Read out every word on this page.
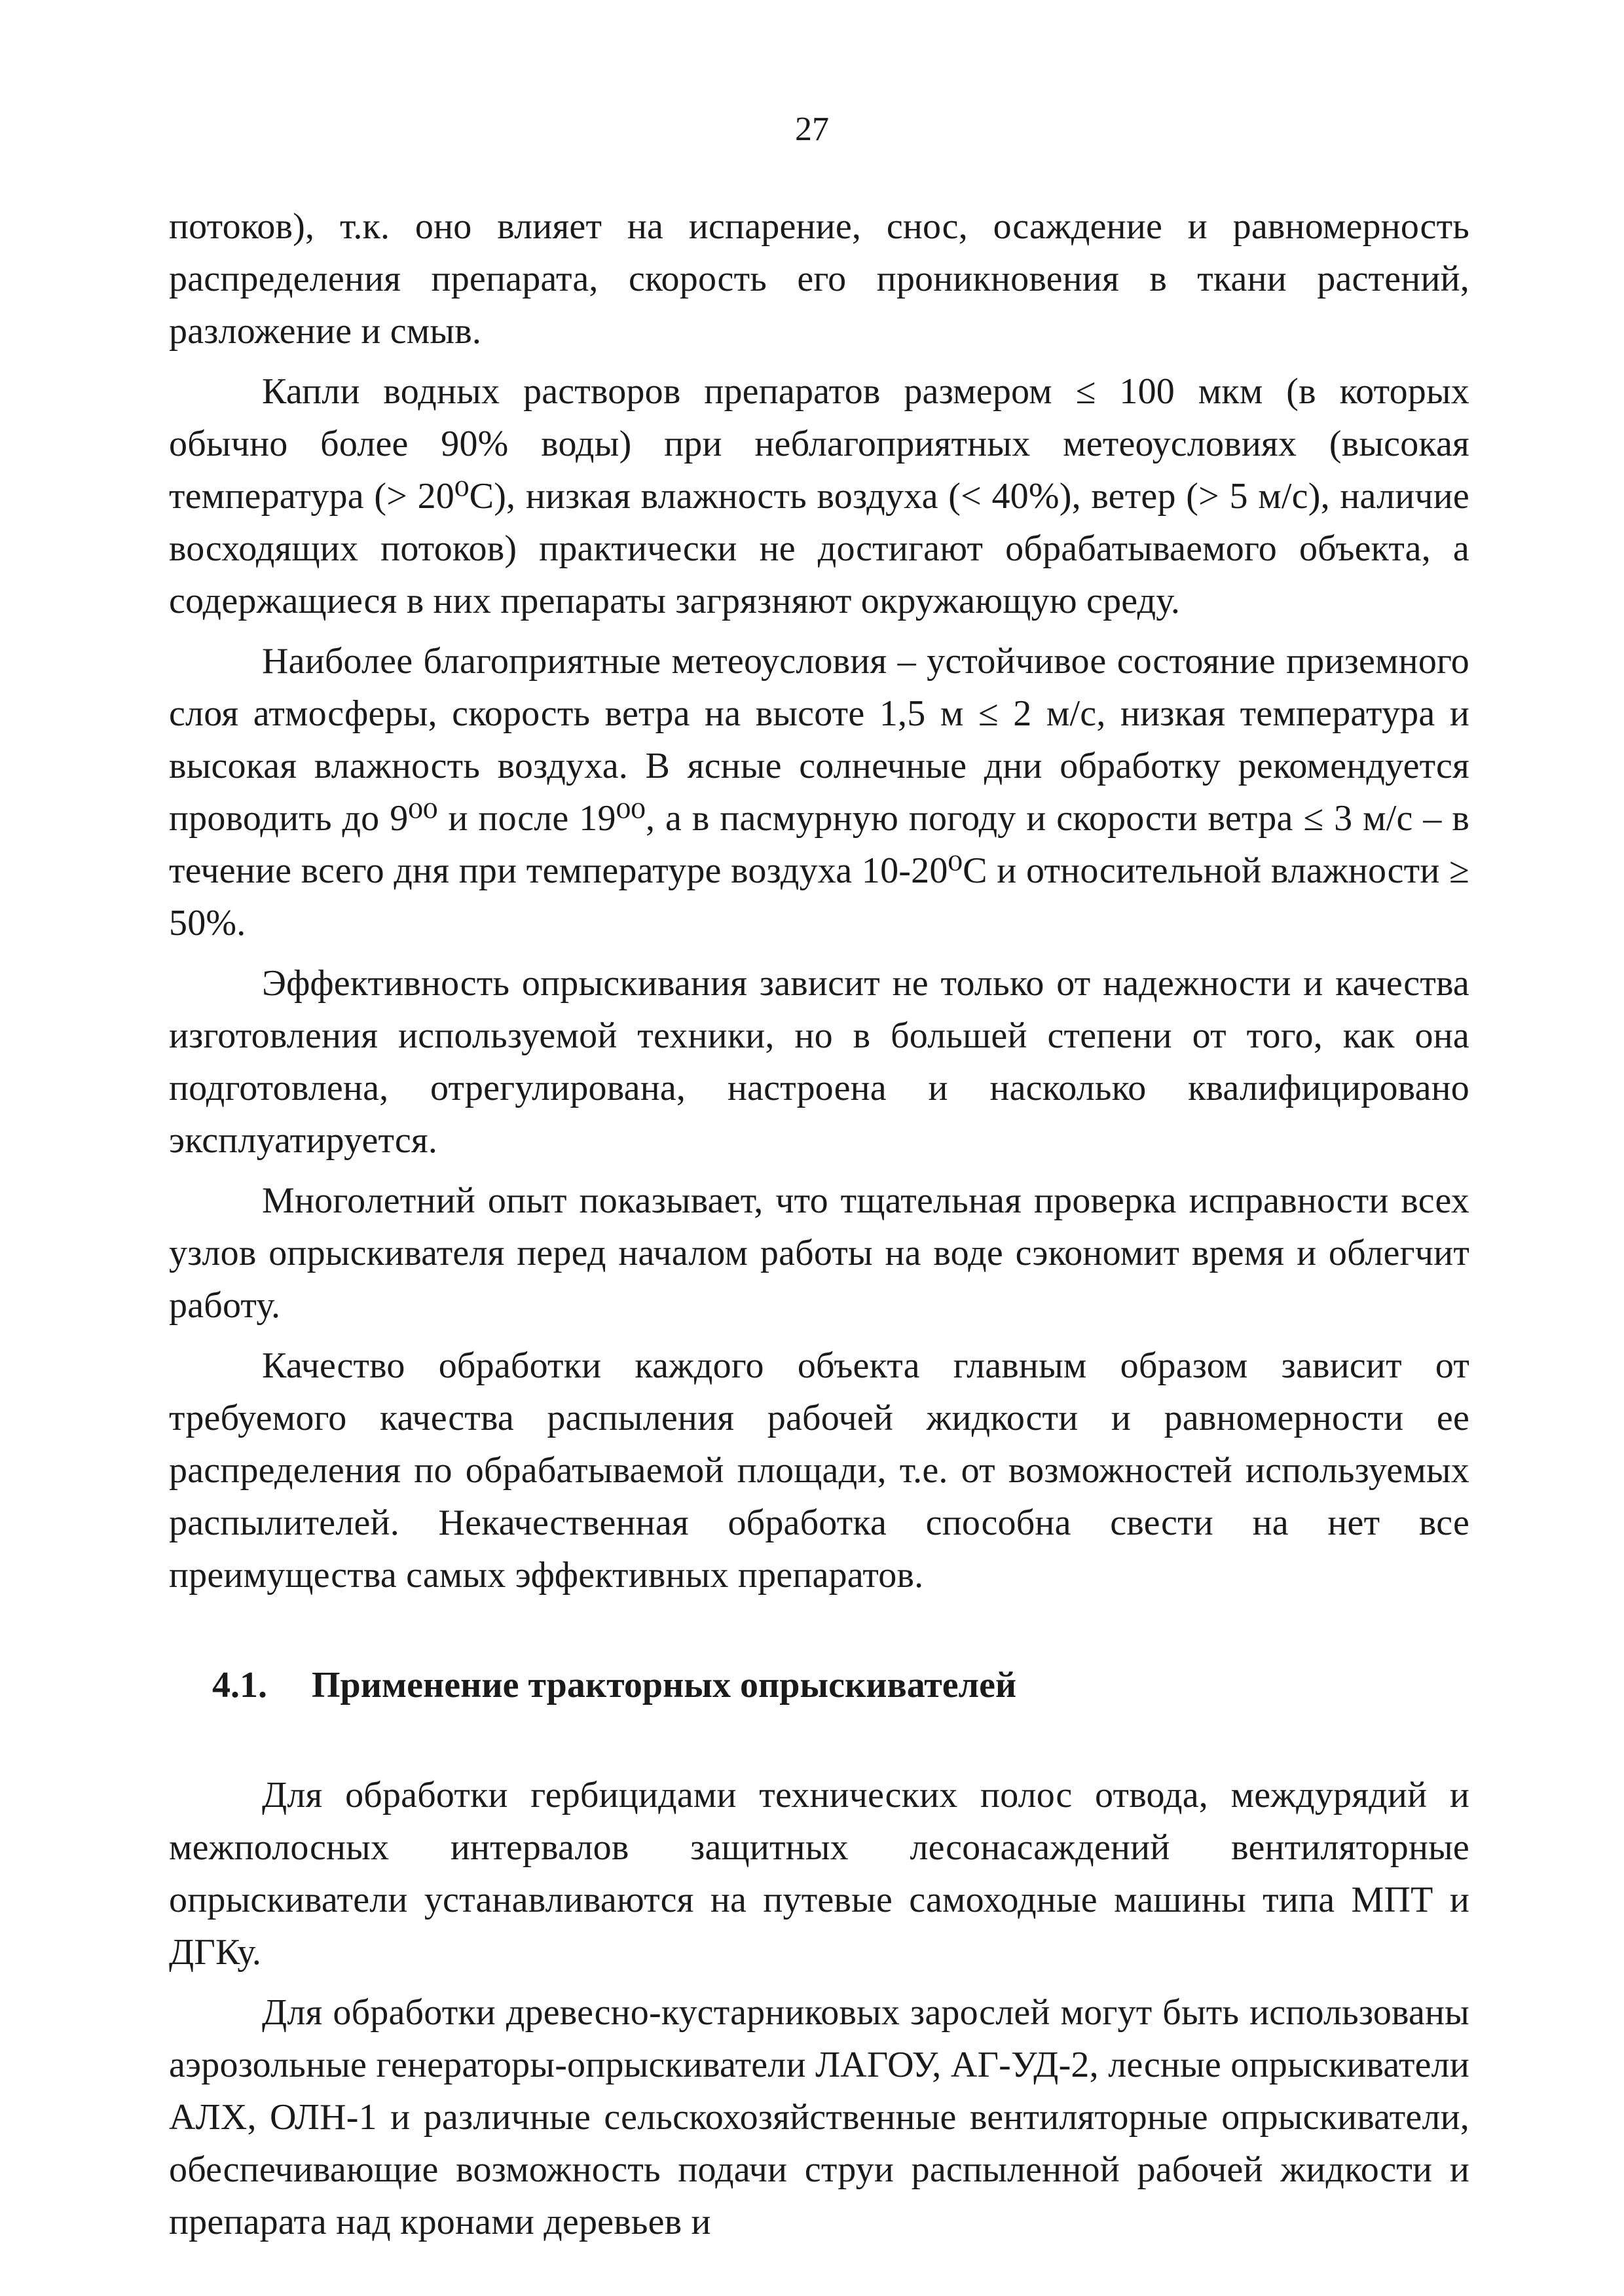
27

потоков), т.к. оно влияет на испарение, снос, осаждение и равномерность распределения препарата, скорость его проникновения в ткани растений, разложение и смыв.

Капли водных растворов препаратов размером ≤ 100 мкм (в которых обычно более 90% воды) при неблагоприятных метеоусловиях (высокая температура (> 20⁰С), низкая влажность воздуха (< 40%), ветер (> 5 м/с), наличие восходящих потоков) практически не достигают обрабатываемого объекта, а содержащиеся в них препараты загрязняют окружающую среду.

Наиболее благоприятные метеоусловия – устойчивое состояние приземного слоя атмосферы, скорость ветра на высоте 1,5 м ≤ 2 м/с, низкая температура и высокая влажность воздуха. В ясные солнечные дни обработку рекомендуется проводить до 9⁰⁰ и после 19⁰⁰, а в пасмурную погоду и скорости ветра ≤ 3 м/с – в течение всего дня при температуре воздуха 10-20⁰С и относительной влажности ≥ 50%.

Эффективность опрыскивания зависит не только от надежности и качества изготовления используемой техники, но в большей степени от того, как она подготовлена, отрегулирована, настроена и насколько квалифицировано эксплуатируется.

Многолетний опыт показывает, что тщательная проверка исправности всех узлов опрыскивателя перед началом работы на воде сэкономит время и облегчит работу.

Качество обработки каждого объекта главным образом зависит от требуемого качества распыления рабочей жидкости и равномерности ее распределения по обрабатываемой площади, т.е. от возможностей используемых распылителей. Некачественная обработка способна свести на нет все преимущества самых эффективных препаратов.

4.1.	Применение тракторных опрыскивателей

Для обработки гербицидами технических полос отвода, междурядий и межполосных интервалов защитных лесонасаждений вентиляторные опрыскиватели устанавливаются на путевые самоходные машины типа МПТ и ДГКу.

Для обработки древесно-кустарниковых зарослей могут быть использованы аэрозольные генераторы-опрыскиватели ЛАГОУ, АГ-УД-2, лесные опрыскиватели АЛХ, ОЛН-1 и различные сельскохозяйственные вентиляторные опрыскиватели, обеспечивающие возможность подачи струи распыленной рабочей жидкости и препарата над кронами деревьев и
